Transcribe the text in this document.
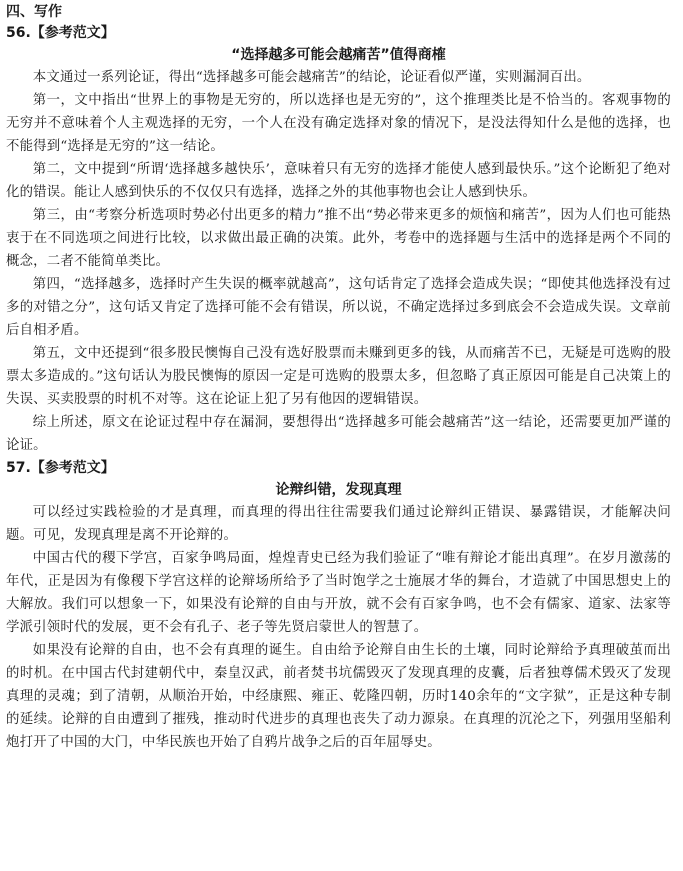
四、写作
56.【参考范文】
“选择越多可能会越痛苦”值得商榷

本文通过一系列论证，得出“选择越多可能会越痛苦”的结论，论证看似严谨，实则漏洞百出。

第一，文中指出“世界上的事物是无穷的，所以选择也是无穷的”，这个推理类比是不恰当的。客观事物的无穷并不意味着个人主观选择的无穷，一个人在没有确定选择对象的情况下，是没法得知什么是他的选择，也不能得到“选择是无穷的”这一结论。

第二，文中提到“所谓‘选择越多越快乐’，意味着只有无穷的选择才能使人感到最快乐。”这个论断犯了绝对化的错误。能让人感到快乐的不仅仅只有选择，选择之外的其他事物也会让人感到快乐。

第三，由“考察分析选项时势必付出更多的精力”推不出“势必带来更多的烦恼和痛苦”，因为人们也可能热衷于在不同选项之间进行比较，以求做出最正确的决策。此外，考卷中的选择题与生活中的选择是两个不同的概念，二者不能简单类比。

第四，“选择越多，选择时产生失误的概率就越高”，这句话肯定了选择会造成失误；“即使其他选择没有过多的对错之分”，这句话又肯定了选择可能不会有错误，所以说，不确定选择过多到底会不会造成失误。文章前后自相矛盾。

第五，文中还提到“很多股民懊悔自己没有选好股票而未赚到更多的钱，从而痛苦不已，无疑是可选购的股票太多造成的。”这句话认为股民懊悔的原因一定是可选购的股票太多，但忽略了真正原因可能是自己决策上的失误、买卖股票的时机不对等。这在论证上犯了另有他因的逻辑错误。

综上所述，原文在论证过程中存在漏洞，要想得出“选择越多可能会越痛苦”这一结论，还需要更加严谨的论证。

57.【参考范文】
论辩纠错，发现真理

可以经过实践检验的才是真理，而真理的得出往往需要我们通过论辩纠正错误、暴露错误，才能解决问题。可见，发现真理是离不开论辩的。

中国古代的稷下学宫，百家争鸣局面，煌煌青史已经为我们验证了“唯有辩论才能出真理”。在岁月激荡的年代，正是因为有像稷下学宫这样的论辩场所给予了当时饱学之士施展才华的舞台，才造就了中国思想史上的大解放。我们可以想象一下，如果没有论辩的自由与开放，就不会有百家争鸣，也不会有儒家、道家、法家等学派引领时代的发展，更不会有孔子、老子等先贤启蒙世人的智慧了。

如果没有论辩的自由，也不会有真理的诞生。自由给予论辩自由生长的土壤，同时论辩给予真理破茧而出的时机。在中国古代封建朝代中，秦皇汉武，前者焚书坑儒毁灭了发现真理的皮囊，后者独尊儒术毁灭了发现真理的灵魂；到了清朝，从顺治开始，中经康熙、雍正、乾隆四朝，历时140余年的“文字狱”，正是这种专制的延续。论辩的自由遭到了摧残，推动时代进步的真理也丧失了动力源泉。在真理的沉沦之下，列强用坚船利炮打开了中国的大门，中华民族也开始了自鸦片战争之后的百年屈辱史。
